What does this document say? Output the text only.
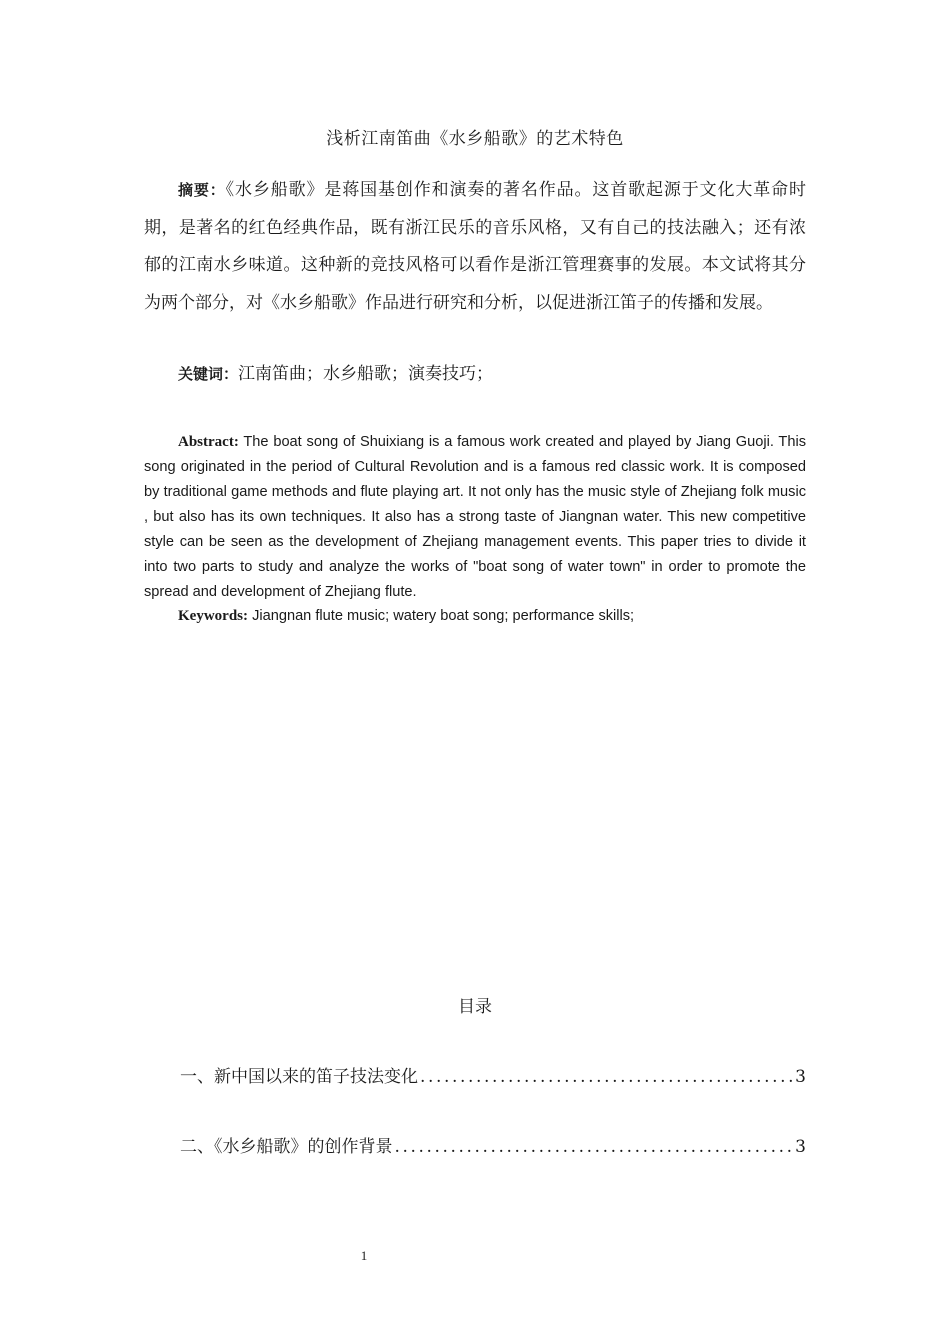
浅析江南笛曲《水乡船歌》的艺术特色

摘要：《水乡船歌》是蒋国基创作和演奏的著名作品。这首歌起源于文化大革命时期，是著名的红色经典作品，既有浙江民乐的音乐风格，又有自己的技法融入；还有浓郁的江南水乡味道。这种新的竞技风格可以看作是浙江管理赛事的发展。本文试将其分为两个部分，对《水乡船歌》作品进行研究和分析，以促进浙江笛子的传播和发展。

关键词：江南笛曲；水乡船歌；演奏技巧；

Abstract: The boat song of Shuixiang is a famous work created and played by Jiang Guoji. This song originated in the period of Cultural Revolution and is a famous red classic work. It is composed by traditional game methods and flute playing art. It not only has the music style of Zhejiang folk music , but also has its own techniques. It also has a strong taste of Jiangnan water. This new competitive style can be seen as the development of Zhejiang management events. This paper tries to divide it into two parts to study and analyze the works of "boat song of water town" in order to promote the spread and development of Zhejiang flute.

Keywords: Jiangnan flute music; watery boat song; performance skills;

目录
一、新中国以来的笛子技法变化 .....	3
二、《水乡船歌》的创作背景 .....	3
1
